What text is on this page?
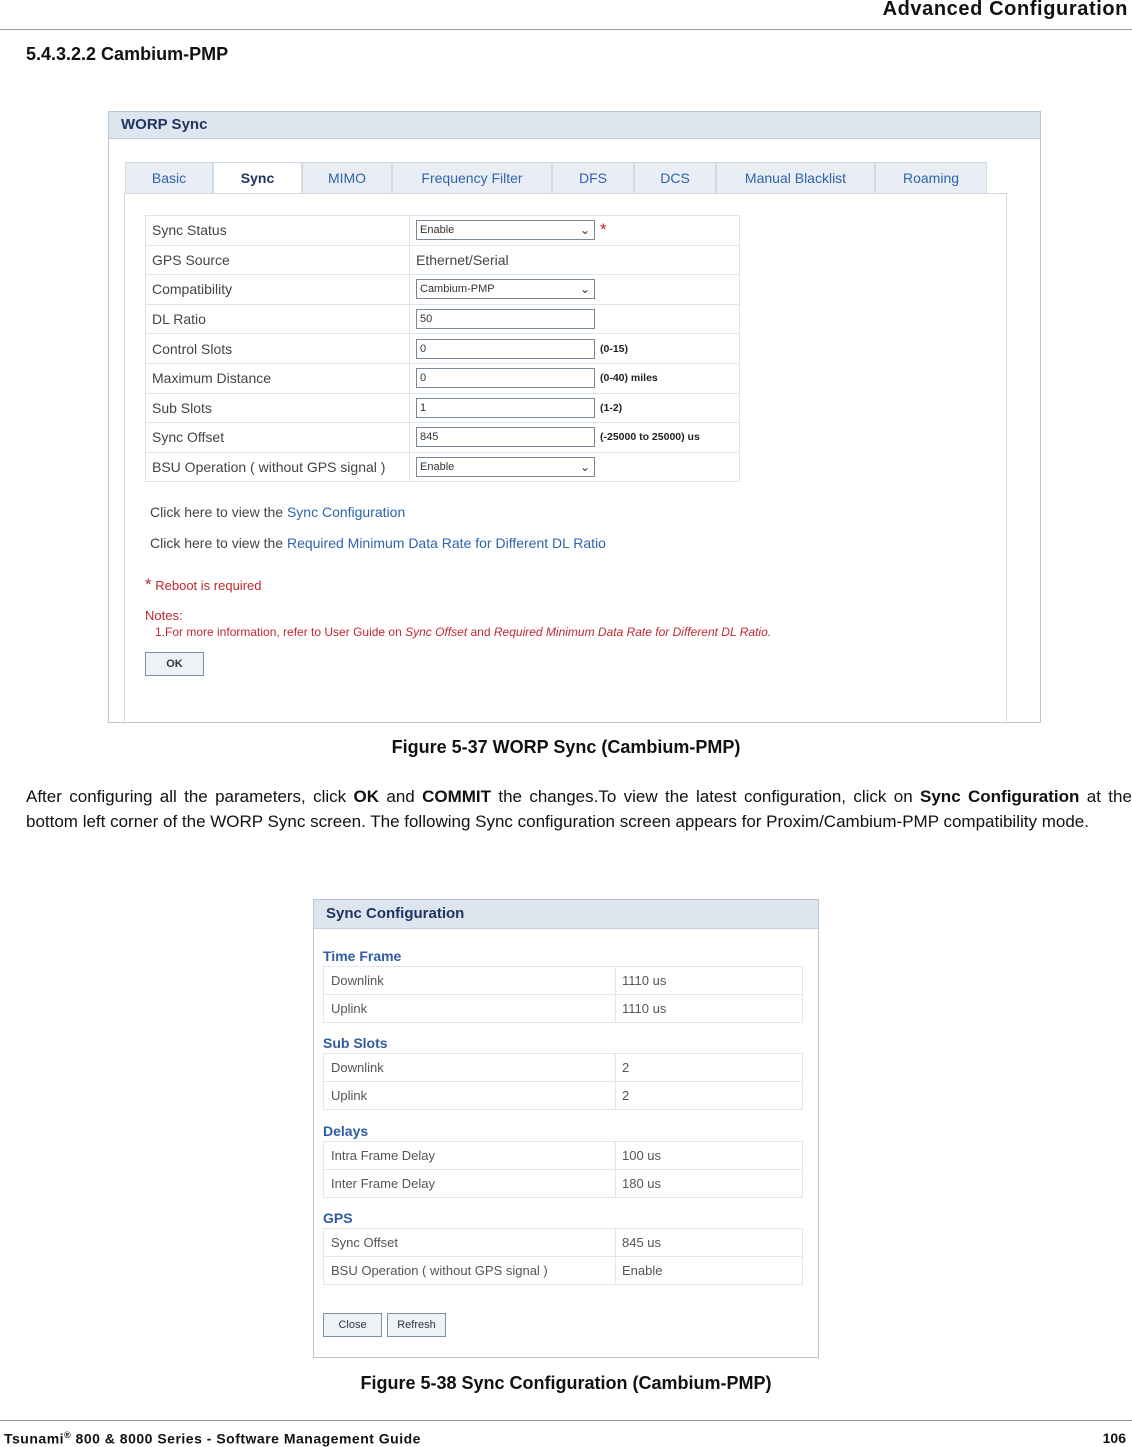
Advanced Configuration
5.4.3.2.2 Cambium-PMP
WORP Sync
Basic	Sync	MIMO	Frequency Filter	DFS	DCS	Manual Blacklist	Roaming
Sync Status	Enable ⌄ *
GPS Source	Ethernet/Serial
Compatibility	Cambium-PMP ⌄

DL Ratio	50
Control Slots	0 (0-15)
Maximum Distance	0 (0-40) miles
Sub Slots	1 (1-2)
Sync Offset	845 (-25000 to 25000) us
BSU Operation ( without GPS signal )	Enable ⌄
Click here to view the Sync Configuration
Click here to view the Required Minimum Data Rate for Different DL Ratio
* Reboot is required
Notes:
1.For more information, refer to User Guide on Sync Offset and Required Minimum Data Rate for Different DL Ratio.
OK
Figure 5-37 WORP Sync (Cambium-PMP)
After configuring all the parameters, click OK and COMMIT the changes.To view the latest configuration, click on Sync Configuration at the bottom left corner of the WORP Sync screen. The following Sync configuration screen appears for Proxim/Cambium-PMP compatibility mode.
Sync Configuration
Time Frame
Downlink	1110 us
Uplink	1110 us
Sub Slots
Downlink	2
Uplink	2
Delays
Intra Frame Delay	100 us
Inter Frame Delay	180 us
GPS
Sync Offset	845 us
BSU Operation ( without GPS signal )	Enable
Close	Refresh
Figure 5-38 Sync Configuration (Cambium-PMP)
Tsunami® 800 & 8000 Series - Software Management Guide	106
